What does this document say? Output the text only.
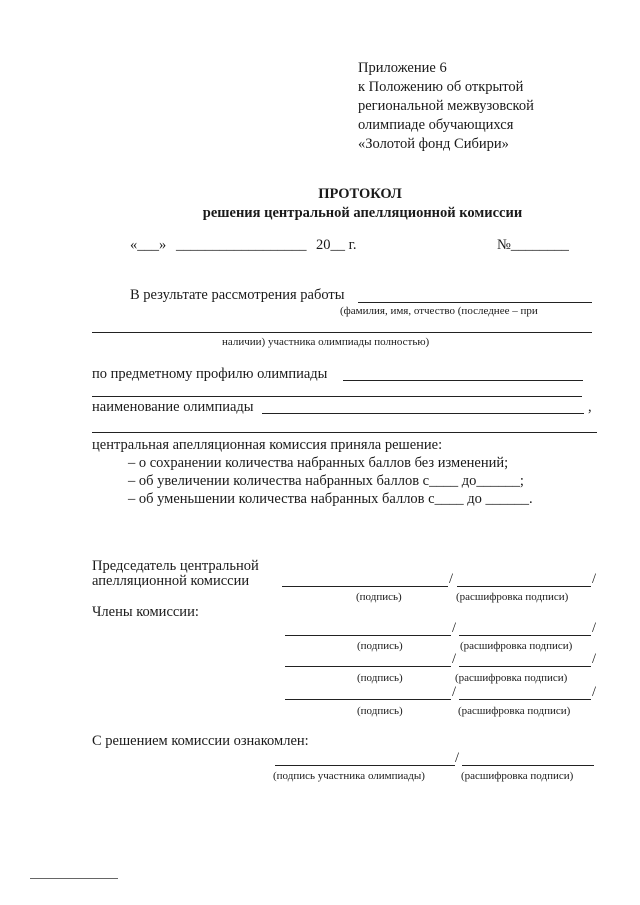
Приложение 6
к Положению об открытой
региональной межвузовской
олимпиаде обучающихся
«Золотой фонд Сибири»
ПРОТОКОЛ
решения центральной апелляционной комиссии
«___» __________________ 20__ г.	№________
В результате рассмотрения работы
(фамилия, имя, отчество (последнее – при
наличии) участника олимпиады полностью)
по предметному профилю олимпиады
наименование олимпиады	,
центральная апелляционная комиссия приняла решение:
– о сохранении количества набранных баллов без изменений;
– об увеличении количества набранных баллов с____ до______;
– об уменьшении количества набранных баллов с____ до ______.
Председатель центральной
апелляционной комиссии	/	/
(подпись)	(расшифровка подписи)
Члены комиссии:
/	/
(подпись)	(расшифровка подписи)
/	/
(подпись)	(расшифровка подписи)
/	/
(подпись)	(расшифровка подписи)
С решением комиссии ознакомлен:
/
(подпись участника олимпиады)	(расшифровка подписи)
